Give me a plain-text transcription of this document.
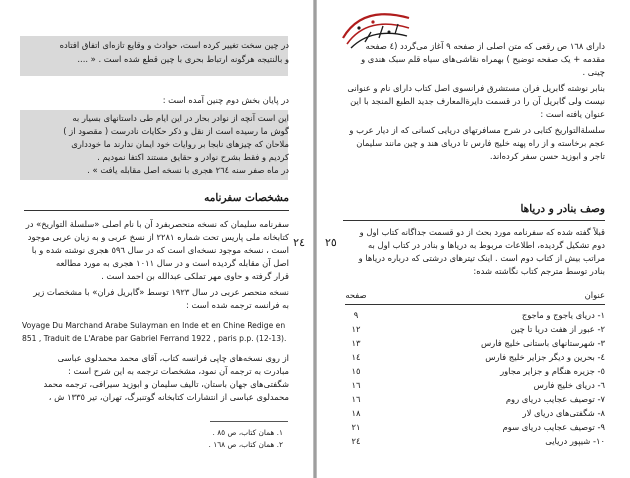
٢٤
در چین سخت تغییر کرده است، حوادث و وقایع تازه‌ای اتفاق افتاده
و بالنتیجه هرگونه ارتباط بحری با چین قطع شده است . « ....
در پایان بخش دوم چنین آمده است :
این است آنچه از نوادر بحار در این ایام طی داستانهای بسیار به
گوش ما رسیده است از نقل و ذکر حکایات نادرست ( مقصود از )
ملاحان که چیزهای نابجا بر روایات خود ایمان ندارند ما خودداری
کردیم و فقط بشرح نوادر و حقایق مستند اکتفا نمودیم .
در ماه صفر سنه ٢٦٤ هجری با نسخه اصل مقابله یافت » .
مشخصات سفرنامه
سفرنامه سلیمان که نسخه منحصربفرد آن با نام اصلی «سلسلة التواریخ» در
کتابخانه ملی پاریس تحت شماره ٢٢٨١ از نسخ عربی و به زبان عربی موجود
است ، نسخه موجود نسخه‌ای است که در سال ٥٩٦ هجری نوشته شده و با
اصل آن مقابله گردیده است و در سال ١٠١١ هجری به مورد مطالعه
قرار گرفته و حاوی مهر تملکی عبدالله بن احمد است .
نسخه منحصر عربی در سال ١٩٢٣ توسط «گابریل فران» با مشخصات زیر
به فرانسه ترجمه شده است :
Voyage Du Marchand Arabe Sulayman en Inde et en Chine Redige en
851 , Traduit de L'Arabe par Gabriel Ferrand 1922 , paris p.p. (12-13).
از روی نسخه‌های چاپی فرانسه کتاب، آقای محمد محمدلوی عباسی
مبادرت به ترجمه آن نمود، مشخصات ترجمه به این شرح است :
شگفتی‌های جهان باستان، تالیف سلیمان و ابوزید سیرافی، ترجمه محمد
محمدلوی عباسی از انتشارات کتابخانه گوتنبرگ، تهران، تیر ١٣٣٥ ش ،
١. همان کتاب، ص ٨٥ .
٢. همان کتاب، ص ١٦٨ .
٢٥
دارای ١٦٨ ص رقعی که متن اصلی از صفحه ٩ آغاز می‌گردد (٤ صفحه
مقدمه + یک صفحه توضیح ) بهمراه نقاشی‌های سیاه قلم سبک هندی و
چینی .
بنابر نوشته گابریل فران مستشرق فرانسوی اصل کتاب دارای نام و عنوانی
نیست ولی گابریل آن را در قسمت دایرةالمعارف جدید الطبع المنجد با این
عنوان یافته است :
سلسلة‌التواریخ کتابی در شرح مسافرتهای دریایی کسانی که از دیار عرب و
عجم برخاسته و از راه پهنه خلیج فارس تا دریای هند و چین مانند سلیمان
تاجر و ابوزید حسن سفر کرده‌اند.
وصف بنادر و دریاها
قبلاً گفته شده که سفرنامه مورد بحث از دو قسمت جداگانه کتاب اول و
دوم تشکیل گردیده، اطلاعات مربوط به دریاها و بنادر در کتاب اول به
مراتب بیش از کتاب دوم است . اینک تیترهای درشتی که درباره دریاها و
بنادر توسط مترجم کتاب نگاشته شده:
عنوان
صفحه
١- دریای یاجوج و ماجوج
٩
٢- عبور از هفت دریا تا چین
١٢
٣- شهرستانهای باستانی خلیج فارس
١٣
٤- بحرین و دیگر جزایر خلیج فارس
١٤
٥- جزیره هنگام و جزایر مجاور
١٥
٦- دریای خلیج فارس
١٦
٧- توصیف عجایب دریای روم
١٦
٨- شگفتی‌های دریای لار
١٨
٩- توصیف عجایب دریای سوم
٢١
١٠- شیپور دریایی
٢٤
